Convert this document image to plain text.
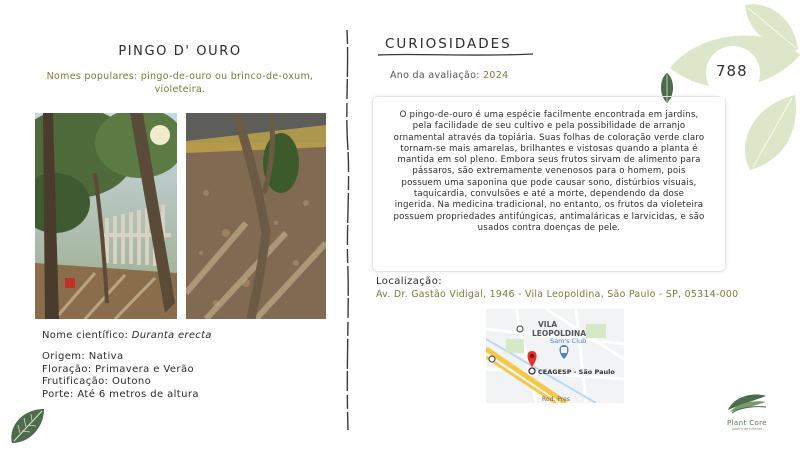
PINGO D' OURO
Nomes populares: pingo-de-ouro ou brinco-de-oxum, violeteira.
Nome científico: Duranta erecta
Origem: Nativa
Floração: Primavera e Verão
Frutificação: Outono
Porte: Até 6 metros de altura
CURIOSIDADES
Ano da avaliação: 2024
O pingo-de-ouro é uma espécie facilmente encontrada em jardins, pela facilidade de seu cultivo e pela possibilidade de arranjo ornamental através da topiária. Suas folhas de coloração verde claro tornam-se mais amarelas, brilhantes e vistosas quando a planta é mantida em sol pleno. Embora seus frutos sirvam de alimento para pássaros, são extremamente venenosos para o homem, pois possuem uma saponina que pode causar sono, distúrbios visuais, taquicardia, convulsões e até a morte, dependendo da dose ingerida. Na medicina tradicional, no entanto, os frutos da violeteira possuem propriedades antifúngicas, antimaláricas e larvicidas, e são usados contra doenças de pele.
Localização:
Av. Dr. Gastão Vidigal, 1946 - Vila Leopoldina, São Paulo - SP, 05314-000
VILA
LEOPOLDINA
Sam's Club
CEAGESP - São Paulo
Rod. Pres
788
Plant Core
jardim de plantas
